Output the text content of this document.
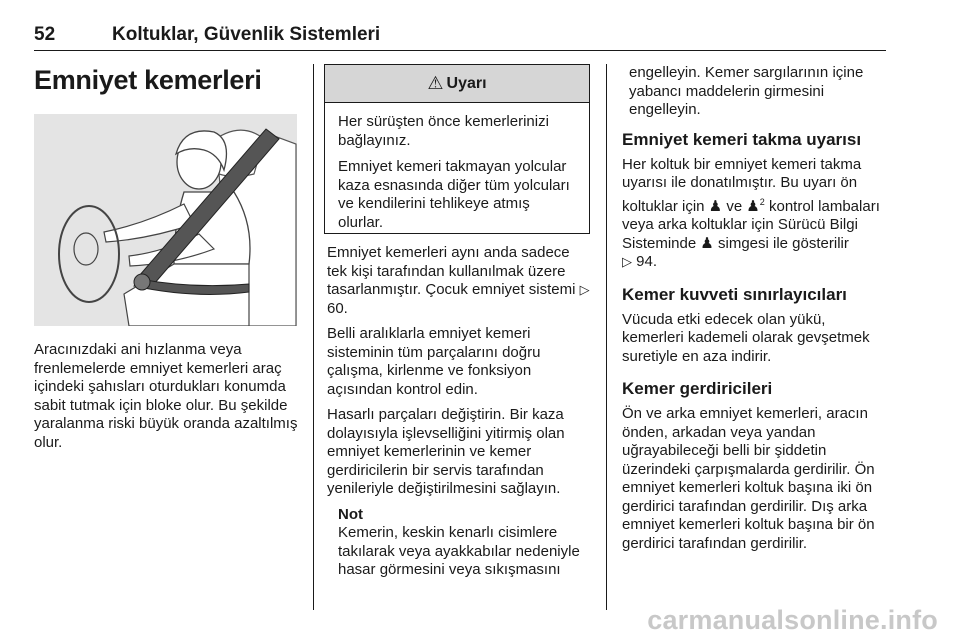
52	Koltuklar, Güvenlik Sistemleri
Emniyet kemerleri

Aracınızdaki ani hızlanma veya frenlemelerde emniyet kemerleri araç içindeki şahısları oturdukları konumda sabit tutmak için bloke olur. Bu şekilde yaralanma riski büyük oranda azaltılmış olur.

⚠ Uyarı

Her sürüşten önce kemerlerinizi bağlayınız.

Emniyet kemeri takmayan yolcular kaza esnasında diğer tüm yolcuları ve kendilerini tehlikeye atmış olurlar.

Emniyet kemerleri aynı anda sadece tek kişi tarafından kullanılmak üzere tasarlanmıştır. Çocuk emniyet sistemi ▷ 60.

Belli aralıklarla emniyet kemeri sisteminin tüm parçalarını doğru çalışma, kirlenme ve fonksiyon açısından kontrol edin.

Hasarlı parçaları değiştirin. Bir kaza dolayısıyla işlevselliğini yitirmiş olan emniyet kemerlerinin ve kemer gerdiricilerin bir servis tarafından yenileriyle değiştirilmesini sağlayın.

Not
Kemerin, keskin kenarlı cisimlere takılarak veya ayakkabılar nedeniyle hasar görmesini veya sıkışmasını
engelleyin. Kemer sargılarının içine yabancı maddelerin girmesini engelleyin.
Emniyet kemeri takma uyarısı

Her koltuk bir emniyet kemeri takma uyarısı ile donatılmıştır. Bu uyarı ön koltuklar için ♟ ve ♟$^2$ kontrol lambaları veya arka koltuklar için Sürücü Bilgi Sisteminde ♟ simgesi ile gösterilir
▷ 94.

Kemer kuvveti sınırlayıcıları

Vücuda etki edecek olan yükü, kemerleri kademeli olarak gevşetmek suretiyle en aza indirir.

Kemer gerdiricileri

Ön ve arka emniyet kemerleri, aracın önden, arkadan veya yandan uğrayabileceği belli bir şiddetin üzerindeki çarpışmalarda gerdirilir. Ön emniyet kemerleri koltuk başına iki ön gerdirici tarafından gerdirilir. Dış arka emniyet kemerleri koltuk başına bir ön gerdirici tarafından gerdirilir.

carmanualsonline.info
